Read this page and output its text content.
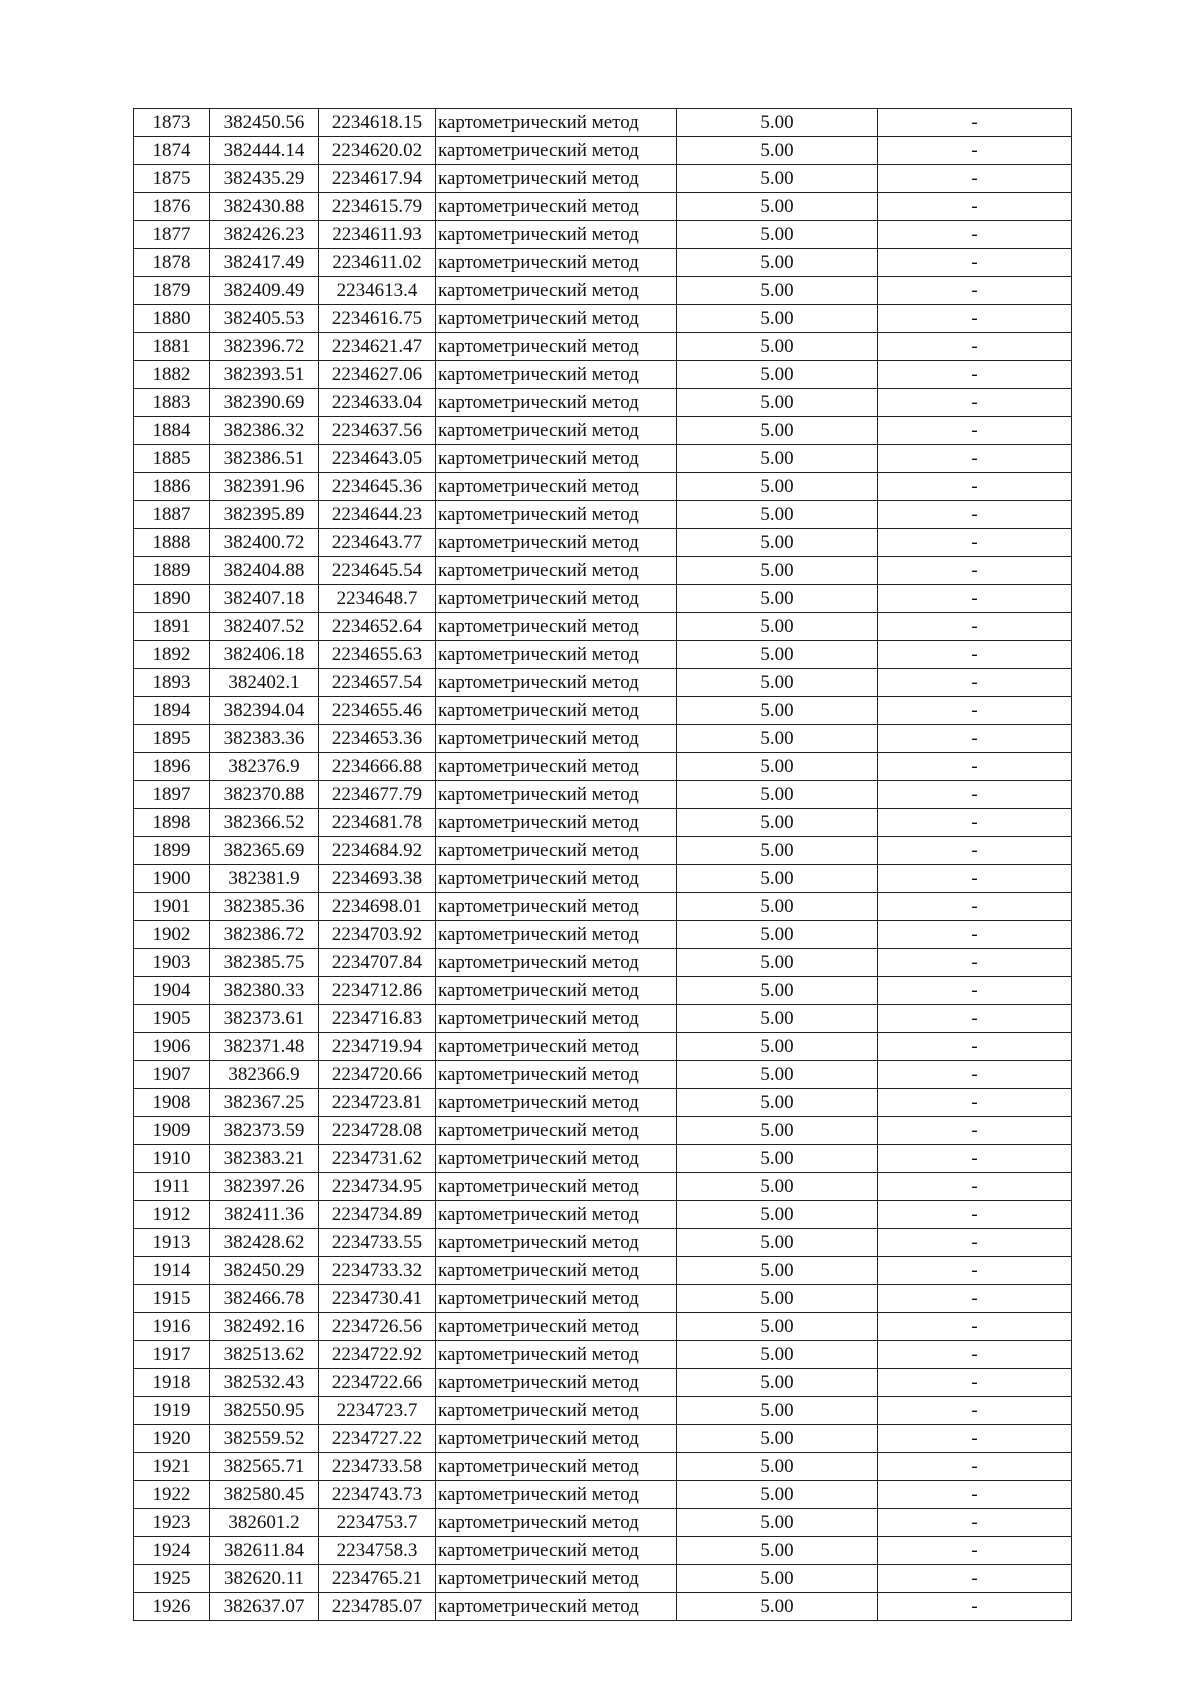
1873	382450.56	2234618.15	картометрический метод	5.00	-
1874	382444.14	2234620.02	картометрический метод	5.00	-
1875	382435.29	2234617.94	картометрический метод	5.00	-
1876	382430.88	2234615.79	картометрический метод	5.00	-
1877	382426.23	2234611.93	картометрический метод	5.00	-
1878	382417.49	2234611.02	картометрический метод	5.00	-
1879	382409.49	2234613.4	картометрический метод	5.00	-
1880	382405.53	2234616.75	картометрический метод	5.00	-
1881	382396.72	2234621.47	картометрический метод	5.00	-
1882	382393.51	2234627.06	картометрический метод	5.00	-
1883	382390.69	2234633.04	картометрический метод	5.00	-
1884	382386.32	2234637.56	картометрический метод	5.00	-
1885	382386.51	2234643.05	картометрический метод	5.00	-
1886	382391.96	2234645.36	картометрический метод	5.00	-
1887	382395.89	2234644.23	картометрический метод	5.00	-
1888	382400.72	2234643.77	картометрический метод	5.00	-
1889	382404.88	2234645.54	картометрический метод	5.00	-
1890	382407.18	2234648.7	картометрический метод	5.00	-
1891	382407.52	2234652.64	картометрический метод	5.00	-
1892	382406.18	2234655.63	картометрический метод	5.00	-
1893	382402.1	2234657.54	картометрический метод	5.00	-
1894	382394.04	2234655.46	картометрический метод	5.00	-
1895	382383.36	2234653.36	картометрический метод	5.00	-
1896	382376.9	2234666.88	картометрический метод	5.00	-
1897	382370.88	2234677.79	картометрический метод	5.00	-
1898	382366.52	2234681.78	картометрический метод	5.00	-
1899	382365.69	2234684.92	картометрический метод	5.00	-
1900	382381.9	2234693.38	картометрический метод	5.00	-
1901	382385.36	2234698.01	картометрический метод	5.00	-
1902	382386.72	2234703.92	картометрический метод	5.00	-
1903	382385.75	2234707.84	картометрический метод	5.00	-
1904	382380.33	2234712.86	картометрический метод	5.00	-
1905	382373.61	2234716.83	картометрический метод	5.00	-
1906	382371.48	2234719.94	картометрический метод	5.00	-
1907	382366.9	2234720.66	картометрический метод	5.00	-
1908	382367.25	2234723.81	картометрический метод	5.00	-
1909	382373.59	2234728.08	картометрический метод	5.00	-
1910	382383.21	2234731.62	картометрический метод	5.00	-
1911	382397.26	2234734.95	картометрический метод	5.00	-
1912	382411.36	2234734.89	картометрический метод	5.00	-
1913	382428.62	2234733.55	картометрический метод	5.00	-
1914	382450.29	2234733.32	картометрический метод	5.00	-
1915	382466.78	2234730.41	картометрический метод	5.00	-
1916	382492.16	2234726.56	картометрический метод	5.00	-
1917	382513.62	2234722.92	картометрический метод	5.00	-
1918	382532.43	2234722.66	картометрический метод	5.00	-
1919	382550.95	2234723.7	картометрический метод	5.00	-
1920	382559.52	2234727.22	картометрический метод	5.00	-
1921	382565.71	2234733.58	картометрический метод	5.00	-
1922	382580.45	2234743.73	картометрический метод	5.00	-
1923	382601.2	2234753.7	картометрический метод	5.00	-
1924	382611.84	2234758.3	картометрический метод	5.00	-
1925	382620.11	2234765.21	картометрический метод	5.00	-
1926	382637.07	2234785.07	картометрический метод	5.00	-
